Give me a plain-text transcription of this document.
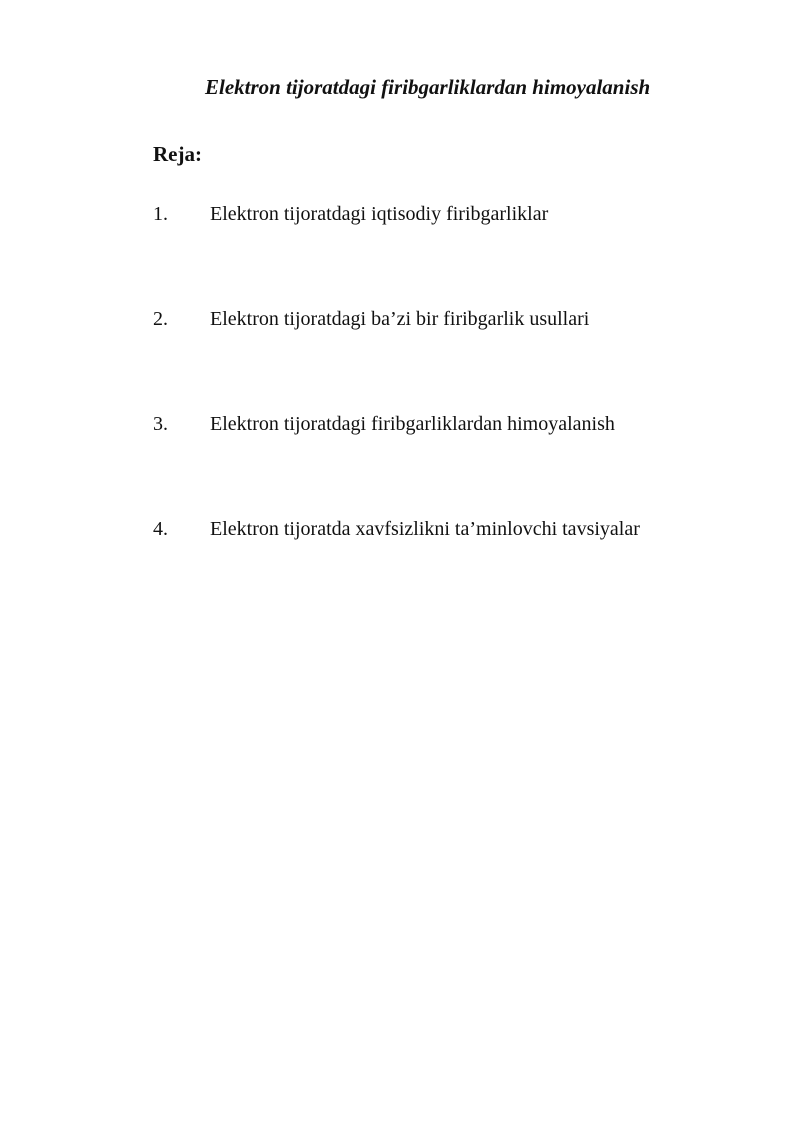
Elektron tijoratdagi firibgarliklardan himoyalanish
Reja:
1. Elektron tijoratdagi iqtisodiy firibgarliklar
2. Elektron tijoratdagi ba’zi bir firibgarlik usullari
3. Elektron tijoratdagi firibgarliklardan himoyalanish
4. Elektron tijoratda xavfsizlikni ta’minlovchi tavsiyalar
